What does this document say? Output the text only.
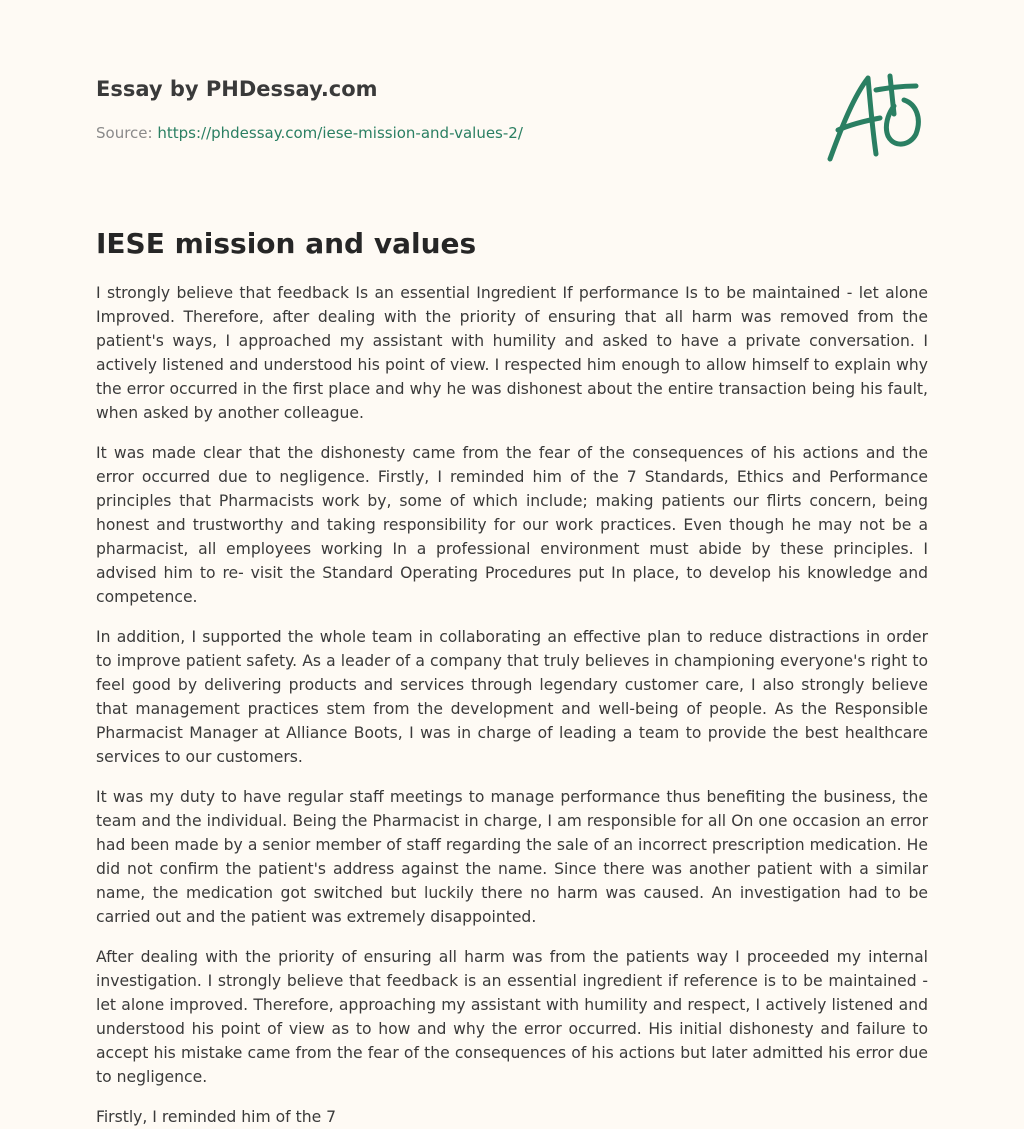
Essay by PHDessay.com

Source: https://phdessay.com/iese-mission-and-values-2/

IESE mission and values

I strongly believe that feedback Is an essential Ingredient If performance Is to be maintained - let alone Improved. Therefore, after dealing with the priority of ensuring that all harm was removed from the patient's ways, I approached my assistant with humility and asked to have a private conversation. I actively listened and understood his point of view. I respected him enough to allow himself to explain why the error occurred in the first place and why he was dishonest about the entire transaction being his fault, when asked by another colleague.

It was made clear that the dishonesty came from the fear of the consequences of his actions and the error occurred due to negligence. Firstly, I reminded him of the 7 Standards, Ethics and Performance principles that Pharmacists work by, some of which include; making patients our flirts concern, being honest and trustworthy and taking responsibility for our work practices. Even though he may not be a pharmacist, all employees working In a professional environment must abide by these principles. I advised him to re- visit the Standard Operating Procedures put In place, to develop his knowledge and competence.

In addition, I supported the whole team in collaborating an effective plan to reduce distractions in order to improve patient safety. As a leader of a company that truly believes in championing everyone's right to feel good by delivering products and services through legendary customer care, I also strongly believe that management practices stem from the development and well-being of people. As the Responsible Pharmacist Manager at Alliance Boots, I was in charge of leading a team to provide the best healthcare services to our customers.

It was my duty to have regular staff meetings to manage performance thus benefiting the business, the team and the individual. Being the Pharmacist in charge, I am responsible for all On one occasion an error had been made by a senior member of staff regarding the sale of an incorrect prescription medication. He did not confirm the patient's address against the name. Since there was another patient with a similar name, the medication got switched but luckily there no harm was caused. An investigation had to be carried out and the patient was extremely disappointed.

After dealing with the priority of ensuring all harm was from the patients way I proceeded my internal investigation. I strongly believe that feedback is an essential ingredient if reference is to be maintained - let alone improved. Therefore, approaching my assistant with humility and respect, I actively listened and understood his point of view as to how and why the error occurred. His initial dishonesty and failure to accept his mistake came from the fear of the consequences of his actions but later admitted his error due to negligence.

Firstly, I reminded him of the 7
